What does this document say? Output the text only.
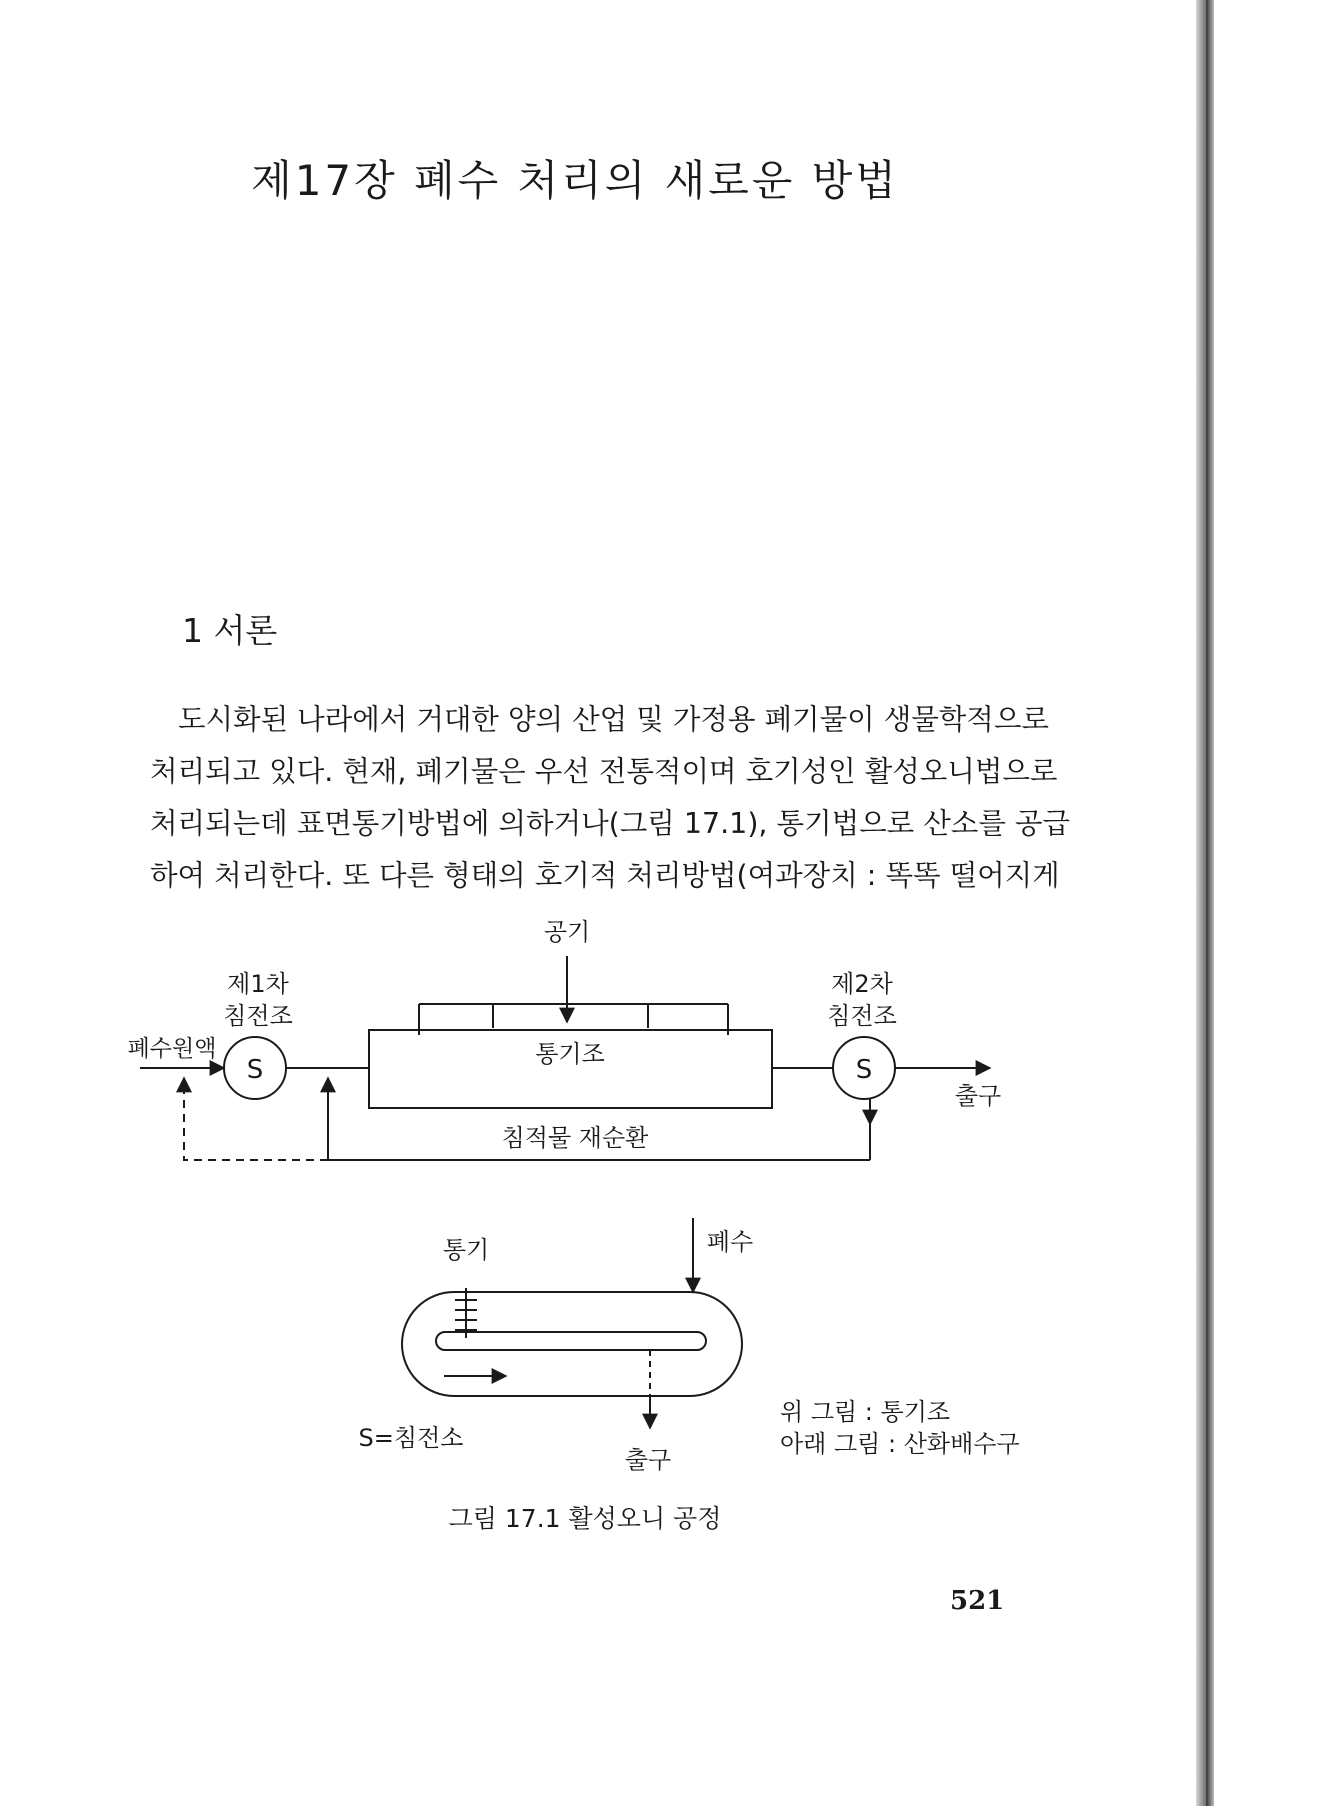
제17장 폐수 처리의 새로운 방법
1 서론
도시화된 나라에서 거대한 양의 산업 및 가정용 폐기물이 생물학적으로
처리되고 있다. 현재, 폐기물은 우선 전통적이며 호기성인 활성오니법으로
처리되는데 표면통기방법에 의하거나(그림 17.1), 통기법으로 산소를 공급
하여 처리한다. 또 다른 형태의 호기적 처리방법(여과장치 : 똑똑 떨어지게
공기
제1차
침전조
제2차
침전조
폐수원액
S	S
통기조
출구
침적물 재순환
통기	폐수
출구
S=침전소
위 그림 : 통기조
아래 그림 : 산화배수구
그림 17.1 활성오니 공정
521
